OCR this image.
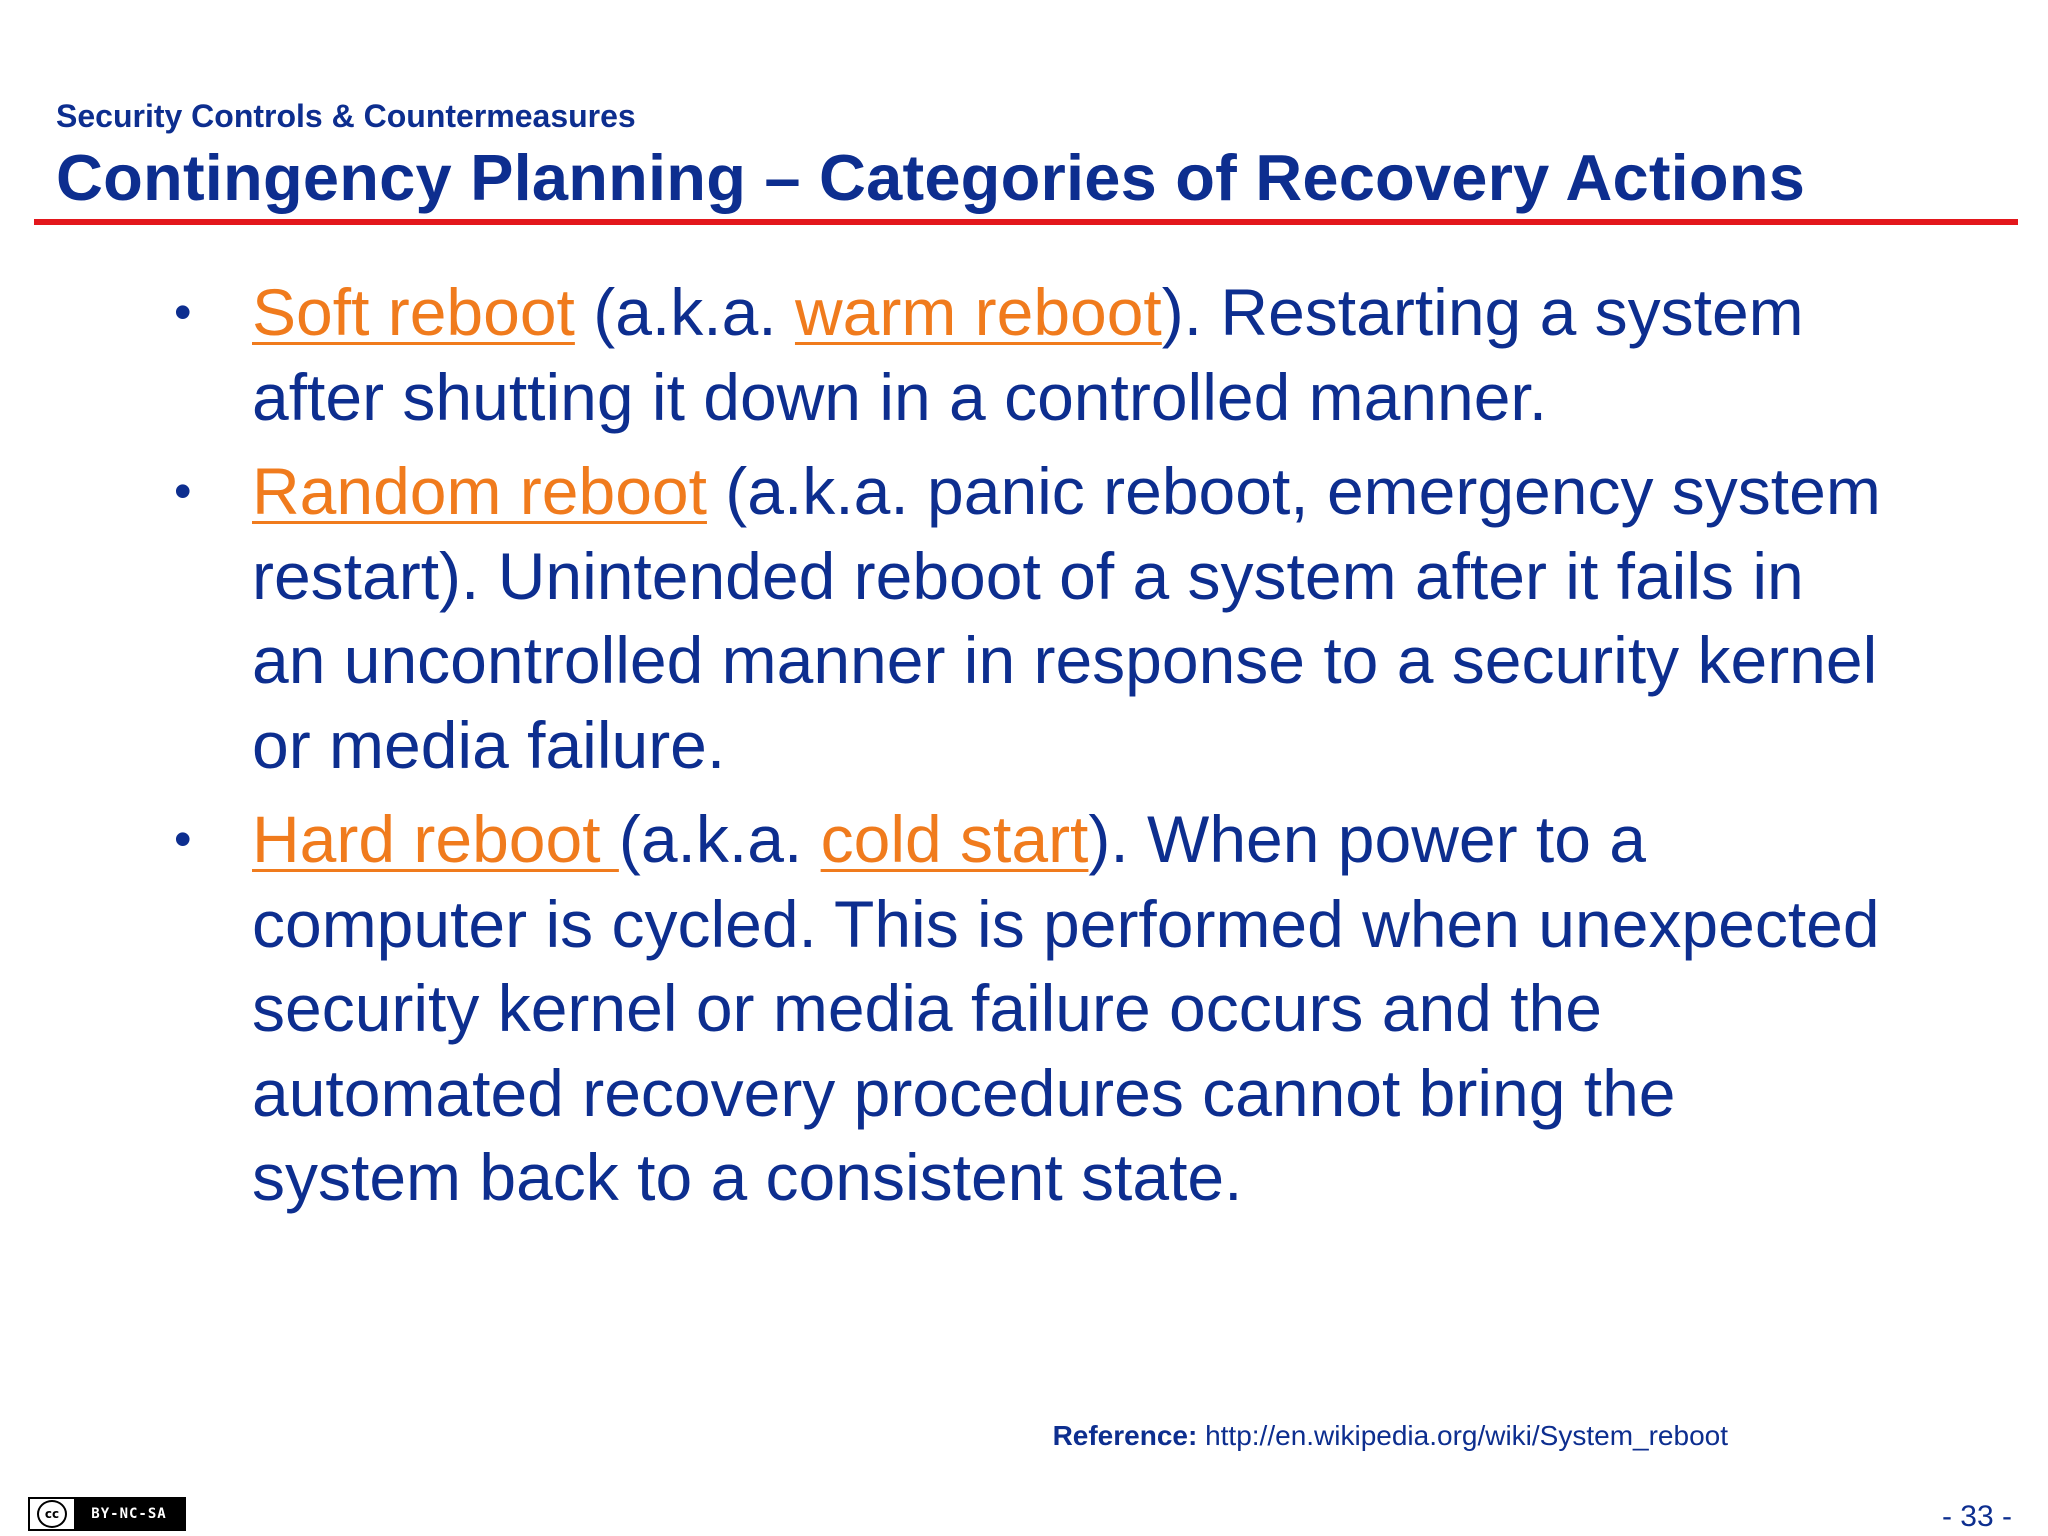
Security Controls & Countermeasures
Contingency Planning – Categories of Recovery Actions
• Soft reboot (a.k.a. warm reboot). Restarting a system after shutting it down in a controlled manner.
• Random reboot (a.k.a. panic reboot, emergency system restart). Unintended reboot of a system after it fails in an uncontrolled manner in response to a security kernel or media failure.
• Hard reboot (a.k.a. cold start). When power to a computer is cycled. This is performed when unexpected security kernel or media failure occurs and the automated recovery procedures cannot bring the system back to a consistent state.
Reference: http://en.wikipedia.org/wiki/System_reboot
cc	BY-NC-SA	- 33 -
